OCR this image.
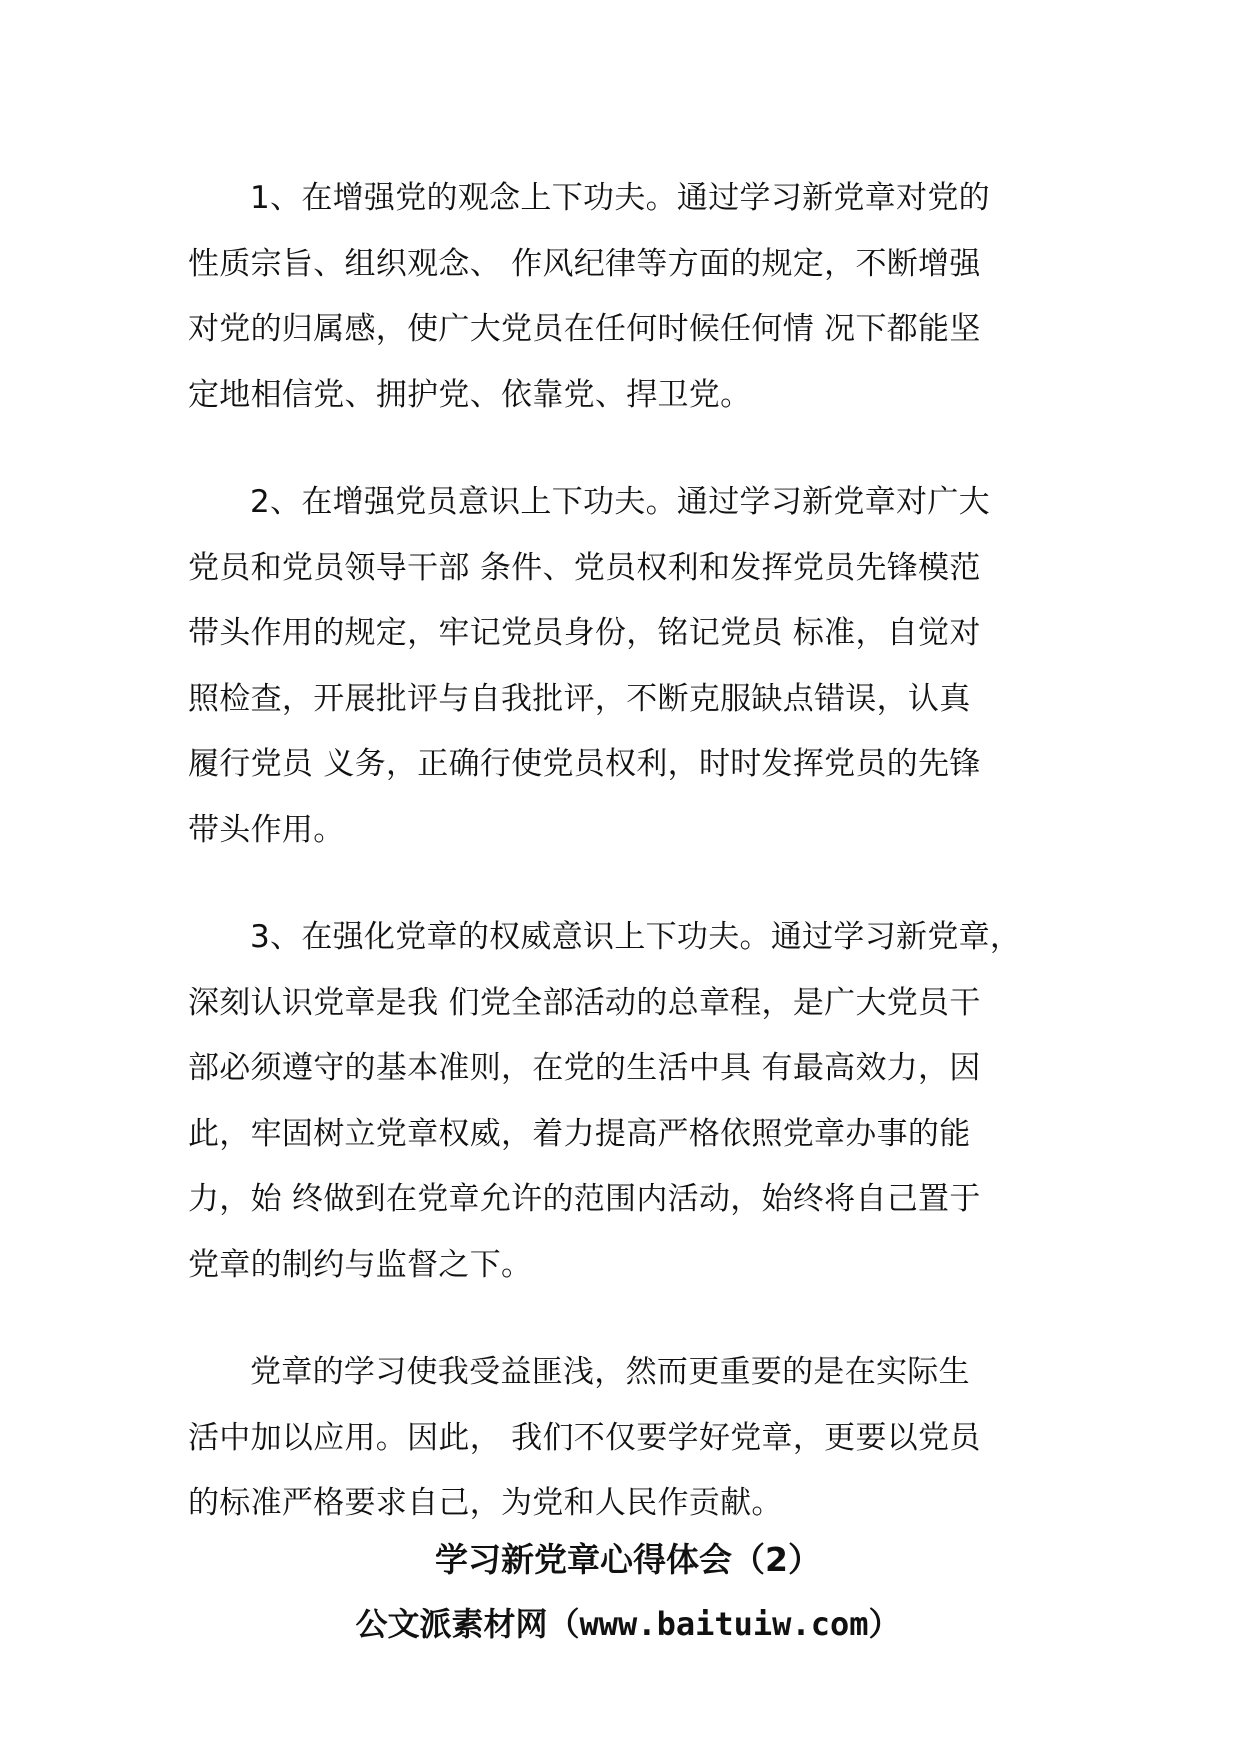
1、在增强党的观念上下功夫。通过学习新党章对党的
性质宗旨、组织观念、 作风纪律等方面的规定，不断增强
对党的归属感，使广大党员在任何时候任何情 况下都能坚
定地相信党、拥护党、依靠党、捍卫党。
2、在增强党员意识上下功夫。通过学习新党章对广大
党员和党员领导干部 条件、党员权利和发挥党员先锋模范
带头作用的规定，牢记党员身份，铭记党员 标准，自觉对
照检查，开展批评与自我批评，不断克服缺点错误，认真
履行党员 义务，正确行使党员权利，时时发挥党员的先锋
带头作用。
3、在强化党章的权威意识上下功夫。通过学习新党章，
深刻认识党章是我 们党全部活动的总章程，是广大党员干
部必须遵守的基本准则，在党的生活中具 有最高效力，因
此，牢固树立党章权威，着力提高严格依照党章办事的能
力，始 终做到在党章允许的范围内活动，始终将自己置于
党章的制约与监督之下。
党章的学习使我受益匪浅，然而更重要的是在实际生
活中加以应用。因此， 我们不仅要学好党章，更要以党员
的标准严格要求自己，为党和人民作贡献。
学习新党章心得体会（2）
公文派素材网（www.baituiw.com）
